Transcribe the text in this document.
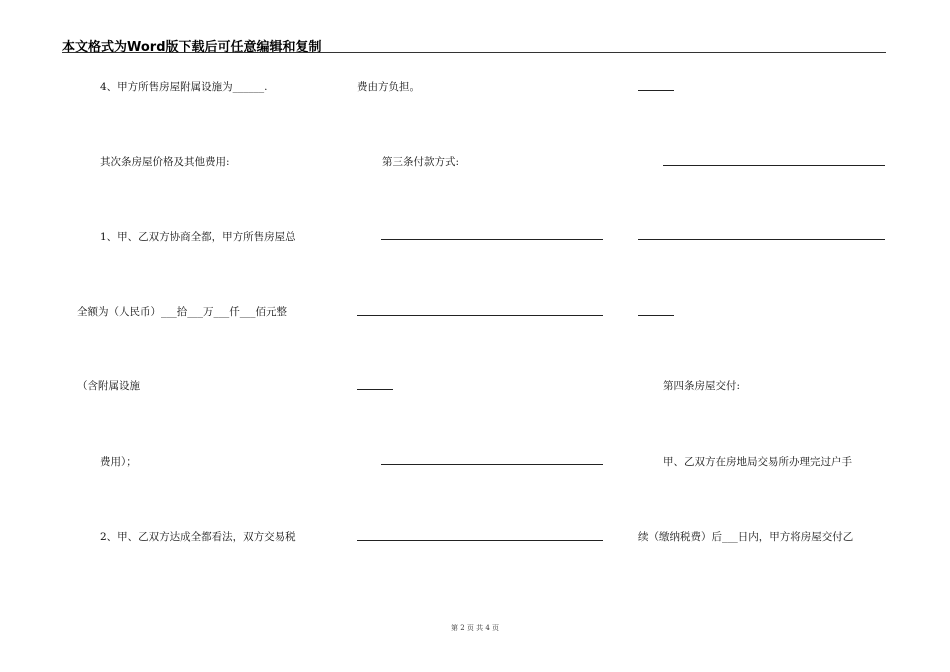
本文格式为Word版下载后可任意编辑和复制
4、甲方所售房屋附属设施为______.
其次条房屋价格及其他费用:
1、甲、乙双方协商全都，甲方所售房屋总
全额为（人民币）___拾___万___仟___佰元整
（含附属设施
费用）；
2、甲、乙双方达成全都看法，双方交易税
费由方负担。
第三条付款方式:
第四条房屋交付:
甲、乙双方在房地局交易所办理完过户手
续（缴纳税费）后___日内，甲方将房屋交付乙
第 2 页 共 4 页
